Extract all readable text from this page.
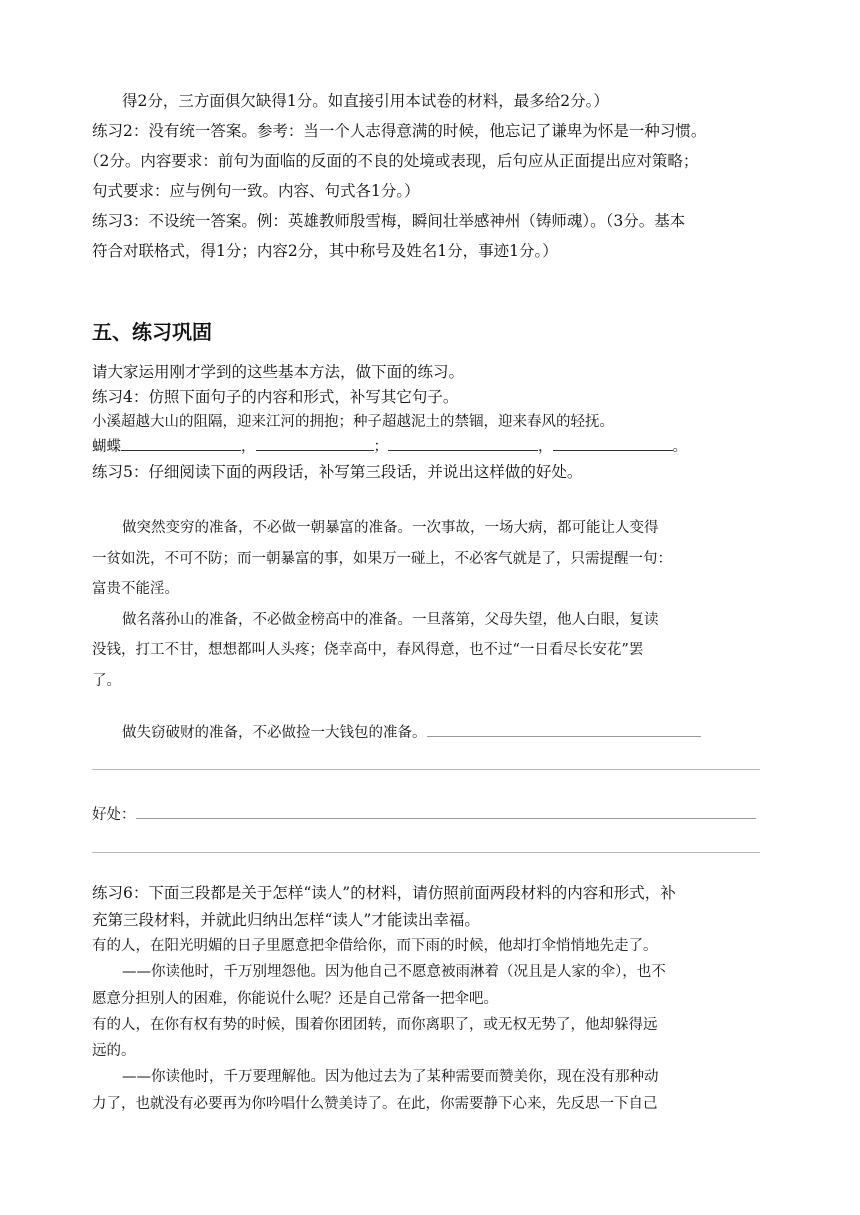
得2分，三方面俱欠缺得1分。如直接引用本试卷的材料，最多给2分。）
练习2：没有统一答案。参考：当一个人志得意满的时候，他忘记了谦卑为怀是一种习惯。
（2分。内容要求：前句为面临的反面的不良的处境或表现，后句应从正面提出应对策略；
句式要求：应与例句一致。内容、句式各1分。）
练习3：不设统一答案。例：英雄教师殷雪梅，瞬间壮举感神州（铸师魂）。（3分。基本
符合对联格式，得1分；内容2分，其中称号及姓名1分，事迹1分。）
五、练习巩固
请大家运用刚才学到的这些基本方法，做下面的练习。
练习4：仿照下面句子的内容和形式，补写其它句子。
小溪超越大山的阻隔，迎来江河的拥抱；种子超越泥土的禁锢，迎来春风的轻抚。
蝴蝶	，	；	，	。
练习5：仔细阅读下面的两段话，补写第三段话，并说出这样做的好处。
做突然变穷的准备，不必做一朝暴富的准备。一次事故，一场大病，都可能让人变得
一贫如洗，不可不防；而一朝暴富的事，如果万一碰上，不必客气就是了，只需提醒一句：
富贵不能淫。
做名落孙山的准备，不必做金榜高中的准备。一旦落第，父母失望，他人白眼，复读
没钱，打工不甘，想想都叫人头疼；侥幸高中，春风得意，也不过“一日看尽长安花”罢
了。
做失窃破财的准备，不必做捡一大钱包的准备。
好处：
练习6：下面三段都是关于怎样“读人”的材料，请仿照前面两段材料的内容和形式，补
充第三段材料，并就此归纳出怎样“读人”才能读出幸福。
有的人，在阳光明媚的日子里愿意把伞借给你，而下雨的时候，他却打伞悄悄地先走了。
——你读他时，千万别埋怨他。因为他自己不愿意被雨淋着（况且是人家的伞），也不
愿意分担别人的困难，你能说什么呢？还是自己常备一把伞吧。
有的人，在你有权有势的时候，围着你团团转，而你离职了，或无权无势了，他却躲得远
远的。
——你读他时，千万要理解他。因为他过去为了某种需要而赞美你，现在没有那种动
力了，也就没有必要再为你吟唱什么赞美诗了。在此，你需要静下心来，先反思一下自己
